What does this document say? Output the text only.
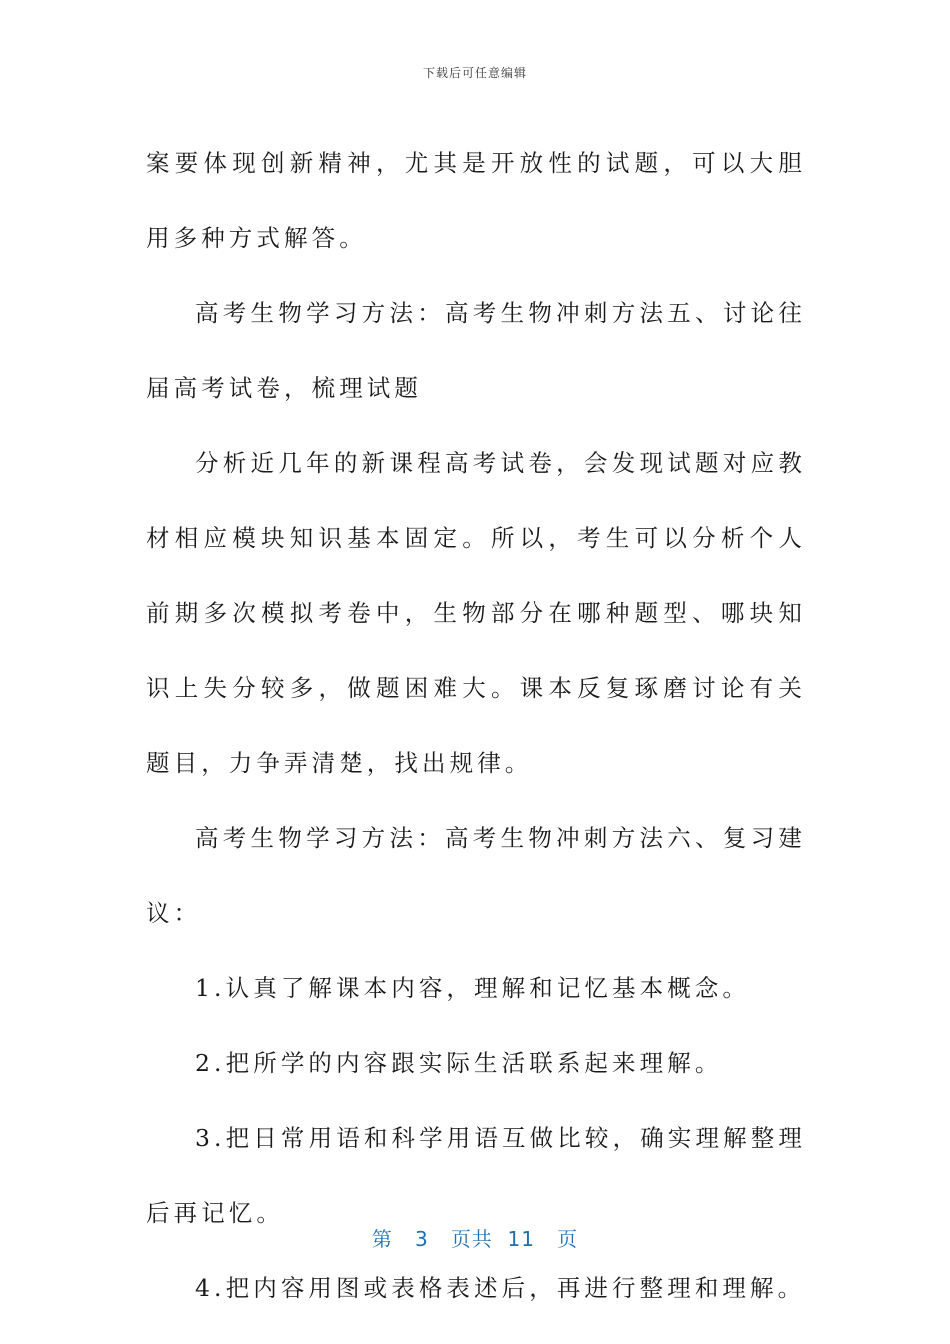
下载后可任意编辑

案要体现创新精神，尤其是开放性的试题，可以大胆用多种方式解答。

高考生物学习方法：高考生物冲刺方法五、讨论往届高考试卷，梳理试题

分析近几年的新课程高考试卷，会发现试题对应教材相应模块知识基本固定。所以，考生可以分析个人前期多次模拟考卷中，生物部分在哪种题型、哪块知识上失分较多，做题困难大。课本反复琢磨讨论有关题目，力争弄清楚，找出规律。

高考生物学习方法：高考生物冲刺方法六、复习建议：

1.认真了解课本内容，理解和记忆基本概念。

2.把所学的内容跟实际生活联系起来理解。

3.把日常用语和科学用语互做比较，确实理解整理后再记忆。

4.把内容用图或表格表述后，再进行整理和理解。

第 3 页共 11 页
